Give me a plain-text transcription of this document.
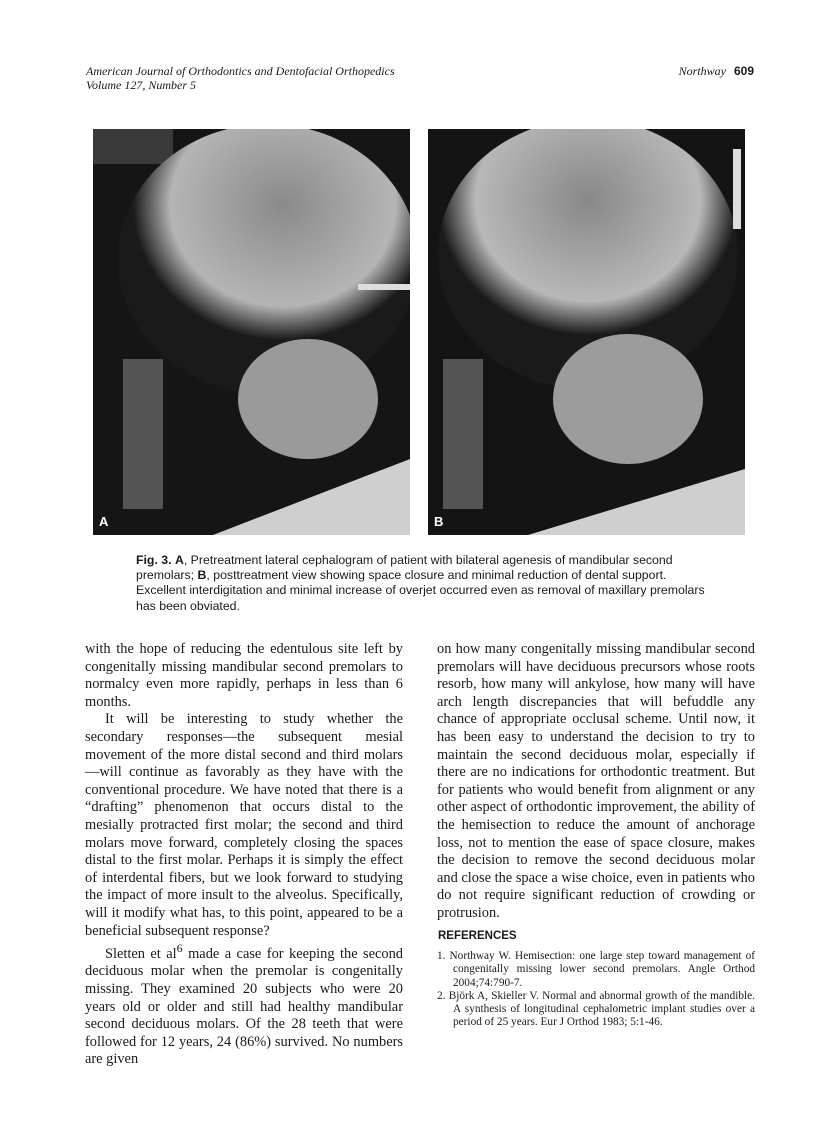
American Journal of Orthodontics and Dentofacial Orthopedics
Volume 127, Number 5
Northway 609
A	B
Fig. 3. A, Pretreatment lateral cephalogram of patient with bilateral agenesis of mandibular second premolars; B, posttreatment view showing space closure and minimal reduction of dental support. Excellent interdigitation and minimal increase of overjet occurred even as removal of maxillary premolars has been obviated.

with the hope of reducing the edentulous site left by congenitally missing mandibular second premolars to normalcy even more rapidly, perhaps in less than 6 months.

It will be interesting to study whether the secondary responses—the subsequent mesial movement of the more distal second and third molars—will continue as favorably as they have with the conventional procedure. We have noted that there is a “drafting” phenomenon that occurs distal to the mesially protracted first molar; the second and third molars move forward, completely closing the spaces distal to the first molar. Perhaps it is simply the effect of interdental fibers, but we look forward to studying the impact of more insult to the alveolus. Specifically, will it modify what has, to this point, appeared to be a beneficial subsequent response?

Sletten et $al^6$ made a case for keeping the second deciduous molar when the premolar is congenitally missing. They examined 20 subjects who were 20 years old or older and still had healthy mandibular second deciduous molars. Of the 28 teeth that were followed for 12 years, 24 (86%) survived. No numbers are given

on how many congenitally missing mandibular second premolars will have deciduous precursors whose roots resorb, how many will ankylose, how many will have arch length discrepancies that will befuddle any chance of appropriate occlusal scheme. Until now, it has been easy to understand the decision to try to maintain the second deciduous molar, especially if there are no indications for orthodontic treatment. But for patients who would benefit from alignment or any other aspect of orthodontic improvement, the ability of the hemisection to reduce the amount of anchorage loss, not to mention the ease of space closure, makes the decision to remove the second deciduous molar and close the space a wise choice, even in patients who do not require significant reduction of crowding or protrusion.

REFERENCES
1. Northway W. Hemisection: one large step toward management of congenitally missing lower second premolars. Angle Orthod 2004;74:790-7.
2. Björk A, Skieller V. Normal and abnormal growth of the mandible. A synthesis of longitudinal cephalometric implant studies over a period of 25 years. Eur J Orthod 1983; 5:1-46.
